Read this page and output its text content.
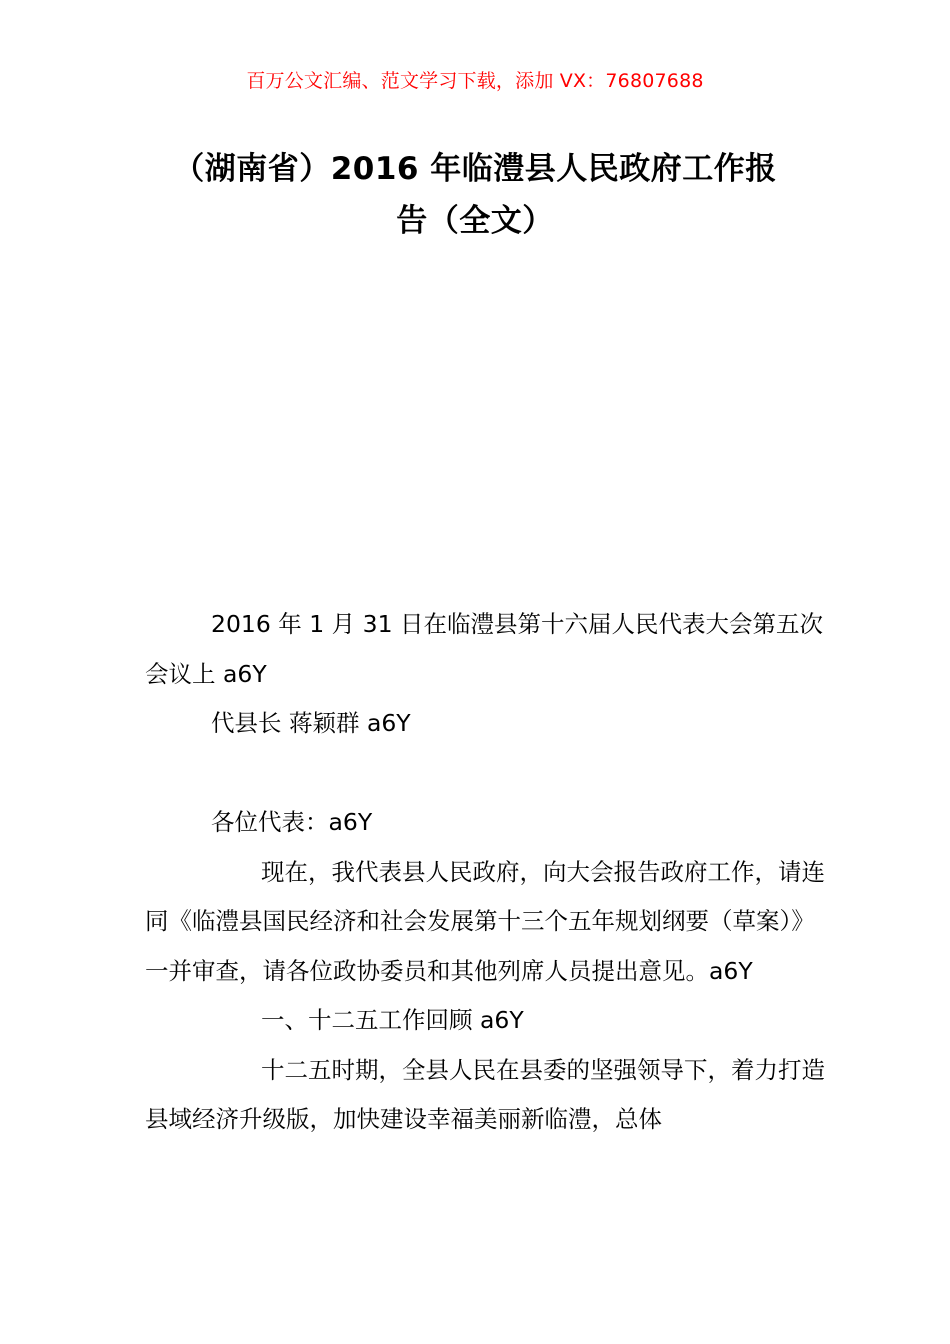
百万公文汇编、范文学习下载，添加 VX：76807688
（湖南省）2016 年临澧县人民政府工作报
告（全文）

2016 年 1 月 31 日在临澧县第十六届人民代表大会第五次会议上 a6Y

代县长 蒋颖群 a6Y

各位代表：a6Y

现在，我代表县人民政府，向大会报告政府工作，请连同《临澧县国民经济和社会发展第十三个五年规划纲要（草案）》一并审查，请各位政协委员和其他列席人员提出意见。a6Y

一、十二五工作回顾 a6Y

十二五时期，全县人民在县委的坚强领导下，着力打造县域经济升级版，加快建设幸福美丽新临澧，总体
